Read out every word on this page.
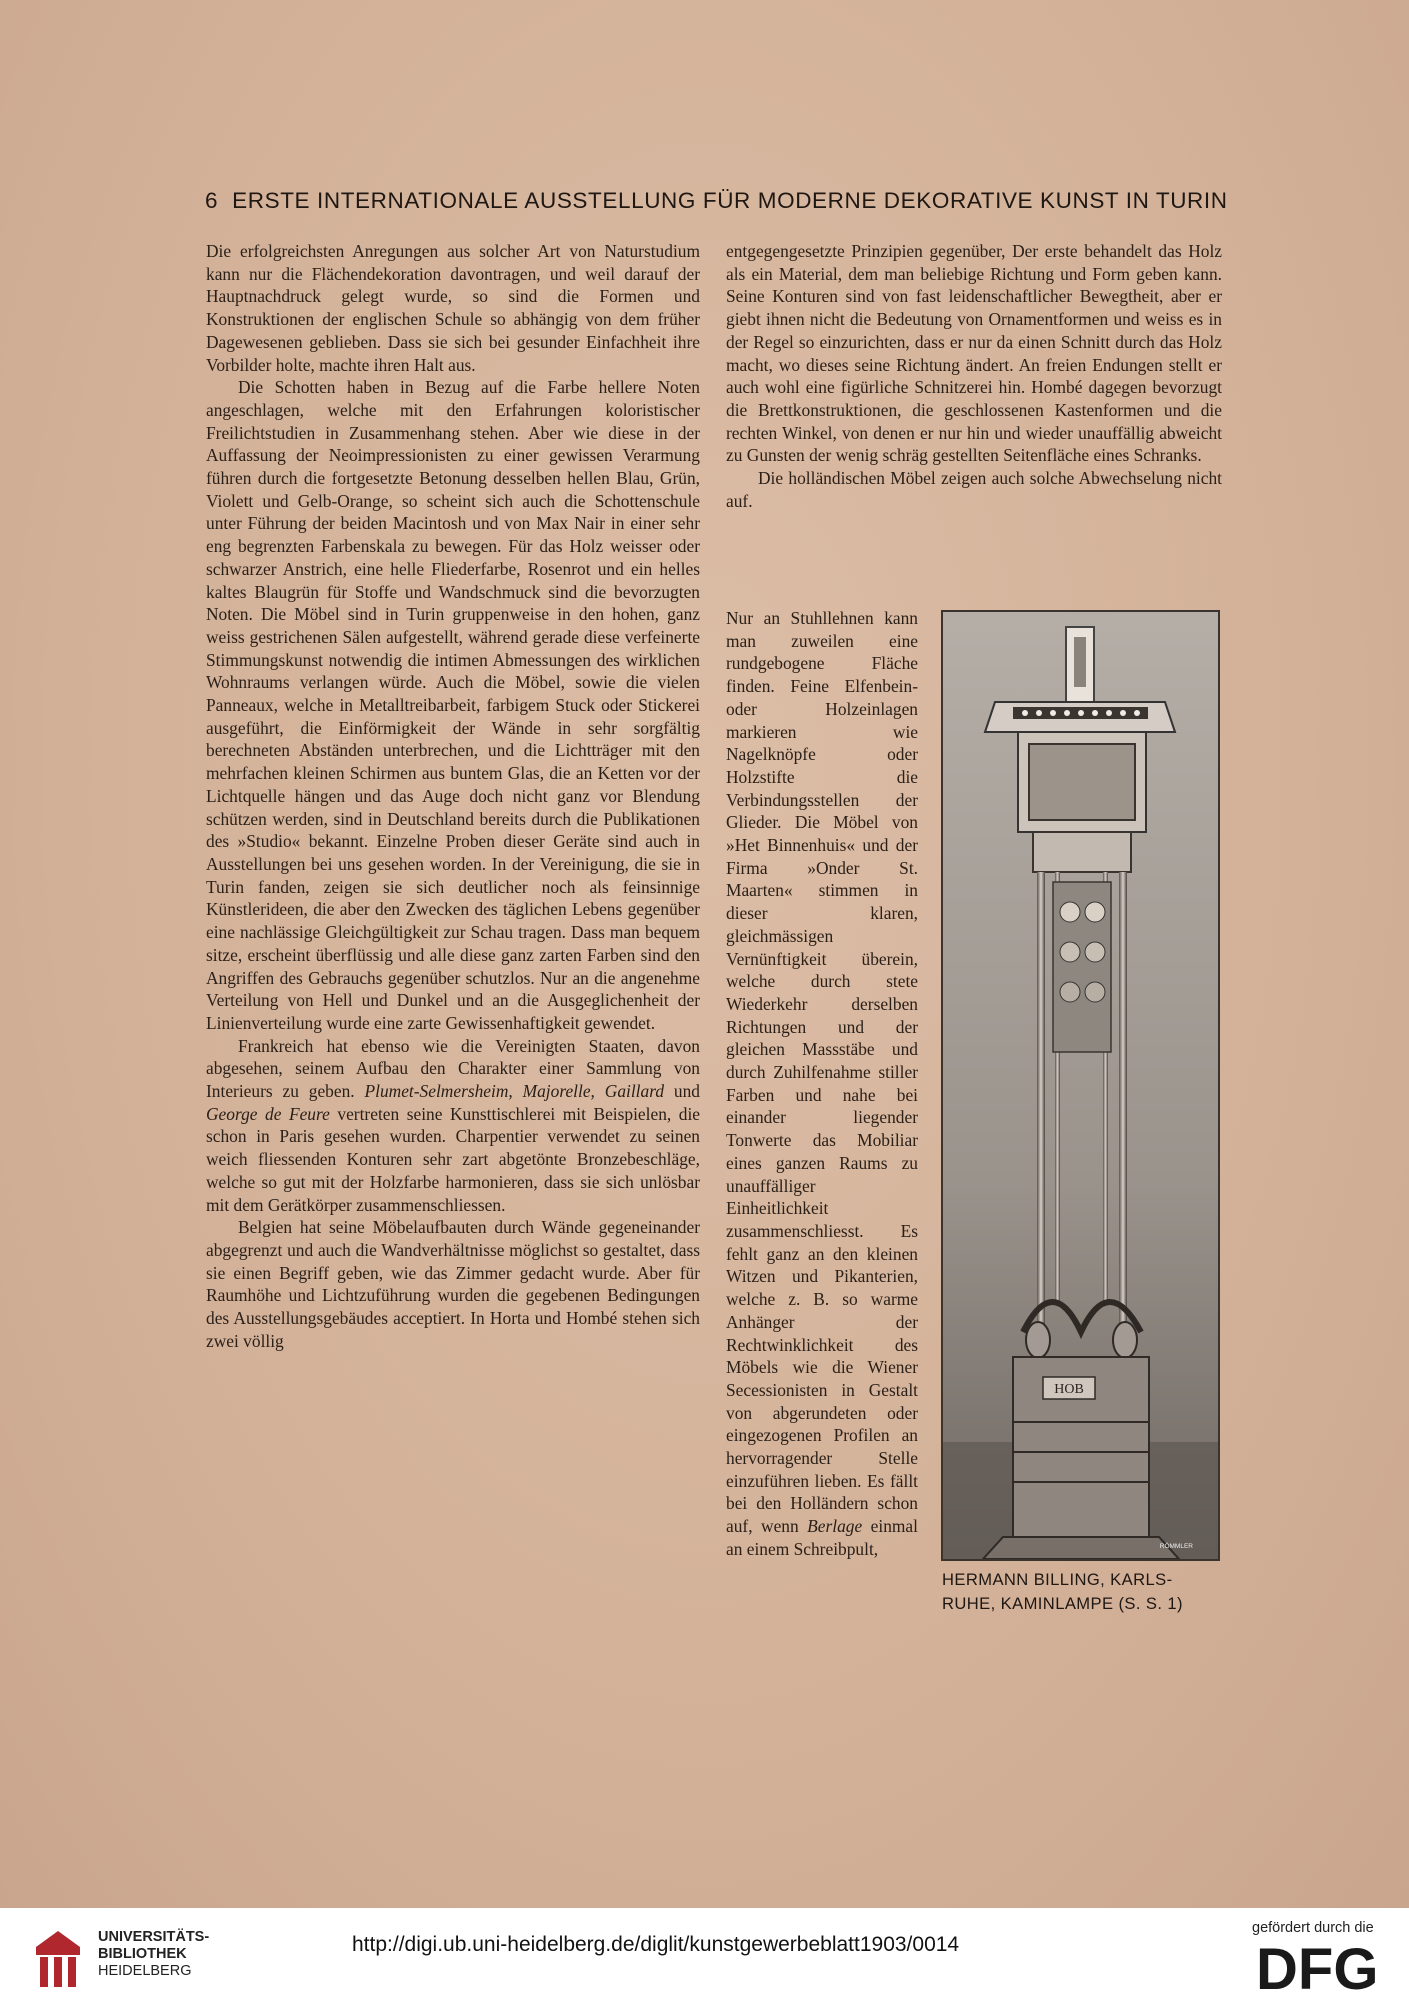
6 ERSTE INTERNATIONALE AUSSTELLUNG FÜR MODERNE DEKORATIVE KUNST IN TURIN

Die erfolgreichsten Anregungen aus solcher Art von Naturstudium kann nur die Flächendekoration davontragen, und weil darauf der Hauptnachdruck gelegt wurde, so sind die Formen und Konstruktionen der englischen Schule so abhängig von dem früher Dagewesenen geblieben. Dass sie sich bei gesunder Einfachheit ihre Vorbilder holte, machte ihren Halt aus.

Die Schotten haben in Bezug auf die Farbe hellere Noten angeschlagen, welche mit den Erfahrungen koloristischer Freilichtstudien in Zusammenhang stehen. Aber wie diese in der Auffassung der Neoimpressionisten zu einer gewissen Verarmung führen durch die fortgesetzte Betonung desselben hellen Blau, Grün, Violett und Gelb-Orange, so scheint sich auch die Schottenschule unter Führung der beiden Macintosh und von Max Nair in einer sehr eng begrenzten Farbenskala zu bewegen. Für das Holz weisser oder schwarzer Anstrich, eine helle Fliederfarbe, Rosenrot und ein helles kaltes Blaugrün für Stoffe und Wandschmuck sind die bevorzugten Noten. Die Möbel sind in Turin gruppenweise in den hohen, ganz weiss gestrichenen Sälen aufgestellt, während gerade diese verfeinerte Stimmungskunst notwendig die intimen Abmessungen des wirklichen Wohnraums verlangen würde. Auch die Möbel, sowie die vielen Panneaux, welche in Metalltreibarbeit, farbigem Stuck oder Stickerei ausgeführt, die Einförmigkeit der Wände in sehr sorgfältig berechneten Abständen unterbrechen, und die Lichtträger mit den mehrfachen kleinen Schirmen aus buntem Glas, die an Ketten vor der Lichtquelle hängen und das Auge doch nicht ganz vor Blendung schützen werden, sind in Deutschland bereits durch die Publikationen des »Studio« bekannt. Einzelne Proben dieser Geräte sind auch in Ausstellungen bei uns gesehen worden. In der Vereinigung, die sie in Turin fanden, zeigen sie sich deutlicher noch als feinsinnige Künstlerideen, die aber den Zwecken des täglichen Lebens gegenüber eine nachlässige Gleichgültigkeit zur Schau tragen. Dass man bequem sitze, erscheint überflüssig und alle diese ganz zarten Farben sind den Angriffen des Gebrauchs gegenüber schutzlos. Nur an die angenehme Verteilung von Hell und Dunkel und an die Ausgeglichenheit der Linienverteilung wurde eine zarte Gewissenhaftigkeit gewendet.

Frankreich hat ebenso wie die Vereinigten Staaten, davon abgesehen, seinem Aufbau den Charakter einer Sammlung von Interieurs zu geben. Plumet-Selmersheim, Majorelle, Gaillard und George de Feure vertreten seine Kunsttischlerei mit Beispielen, die schon in Paris gesehen wurden. Charpentier verwendet zu seinen weich fliessenden Konturen sehr zart abgetönte Bronzebeschläge, welche so gut mit der Holzfarbe harmonieren, dass sie sich unlösbar mit dem Gerätkörper zusammenschliessen.

Belgien hat seine Möbelaufbauten durch Wände gegeneinander abgegrenzt und auch die Wandverhältnisse möglichst so gestaltet, dass sie einen Begriff geben, wie das Zimmer gedacht wurde. Aber für Raumhöhe und Lichtzuführung wurden die gegebenen Bedingungen des Ausstellungsgebäudes acceptiert. In Horta und Hombé stehen sich zwei völlig

entgegengesetzte Prinzipien gegenüber, Der erste behandelt das Holz als ein Material, dem man beliebige Richtung und Form geben kann. Seine Konturen sind von fast leidenschaftlicher Bewegtheit, aber er giebt ihnen nicht die Bedeutung von Ornamentformen und weiss es in der Regel so einzurichten, dass er nur da einen Schnitt durch das Holz macht, wo dieses seine Richtung ändert. An freien Endungen stellt er auch wohl eine figürliche Schnitzerei hin. Hombé dagegen bevorzugt die Brettkonstruktionen, die geschlossenen Kastenformen und die rechten Winkel, von denen er nur hin und wieder unauffällig abweicht zu Gunsten der wenig schräg gestellten Seitenfläche eines Schranks.

Die holländischen Möbel zeigen auch solche Abwechselung nicht auf.

Nur an Stuhllehnen kann man zuweilen eine rundgebogene Fläche finden. Feine Elfenbein- oder Holzeinlagen markieren wie Nagelknöpfe oder Holzstifte die Verbindungsstellen der Glieder. Die Möbel von »Het Binnenhuis« und der Firma »Onder St. Maarten« stimmen in dieser klaren, gleichmässigen Vernünftigkeit überein, welche durch stete Wiederkehr derselben Richtungen und der gleichen Massstäbe und durch Zuhilfenahme stiller Farben und nahe bei einander liegender Tonwerte das Mobiliar eines ganzen Raums zu unauffälliger Einheitlichkeit zusammenschliesst. Es fehlt ganz an den kleinen Witzen und Pikanterien, welche z. B. so warme Anhänger der Rechtwinklichkeit des Möbels wie die Wiener Secessionisten in Gestalt von abgerundeten oder eingezogenen Profilen an hervorragender Stelle einzuführen lieben. Es fällt bei den Holländern schon auf, wenn Berlage einmal an einem Schreibpult,

HOB
RÖMMLER
HERMANN BILLING, KARLS-
RUHE, KAMINLAMPE (S. S. 1)
UNIVERSITÄTS-
BIBLIOTHEK
HEIDELBERG
http://digi.ub.uni-heidelberg.de/diglit/kunstgewerbeblatt1903/0014
gefördert durch die
DFG
